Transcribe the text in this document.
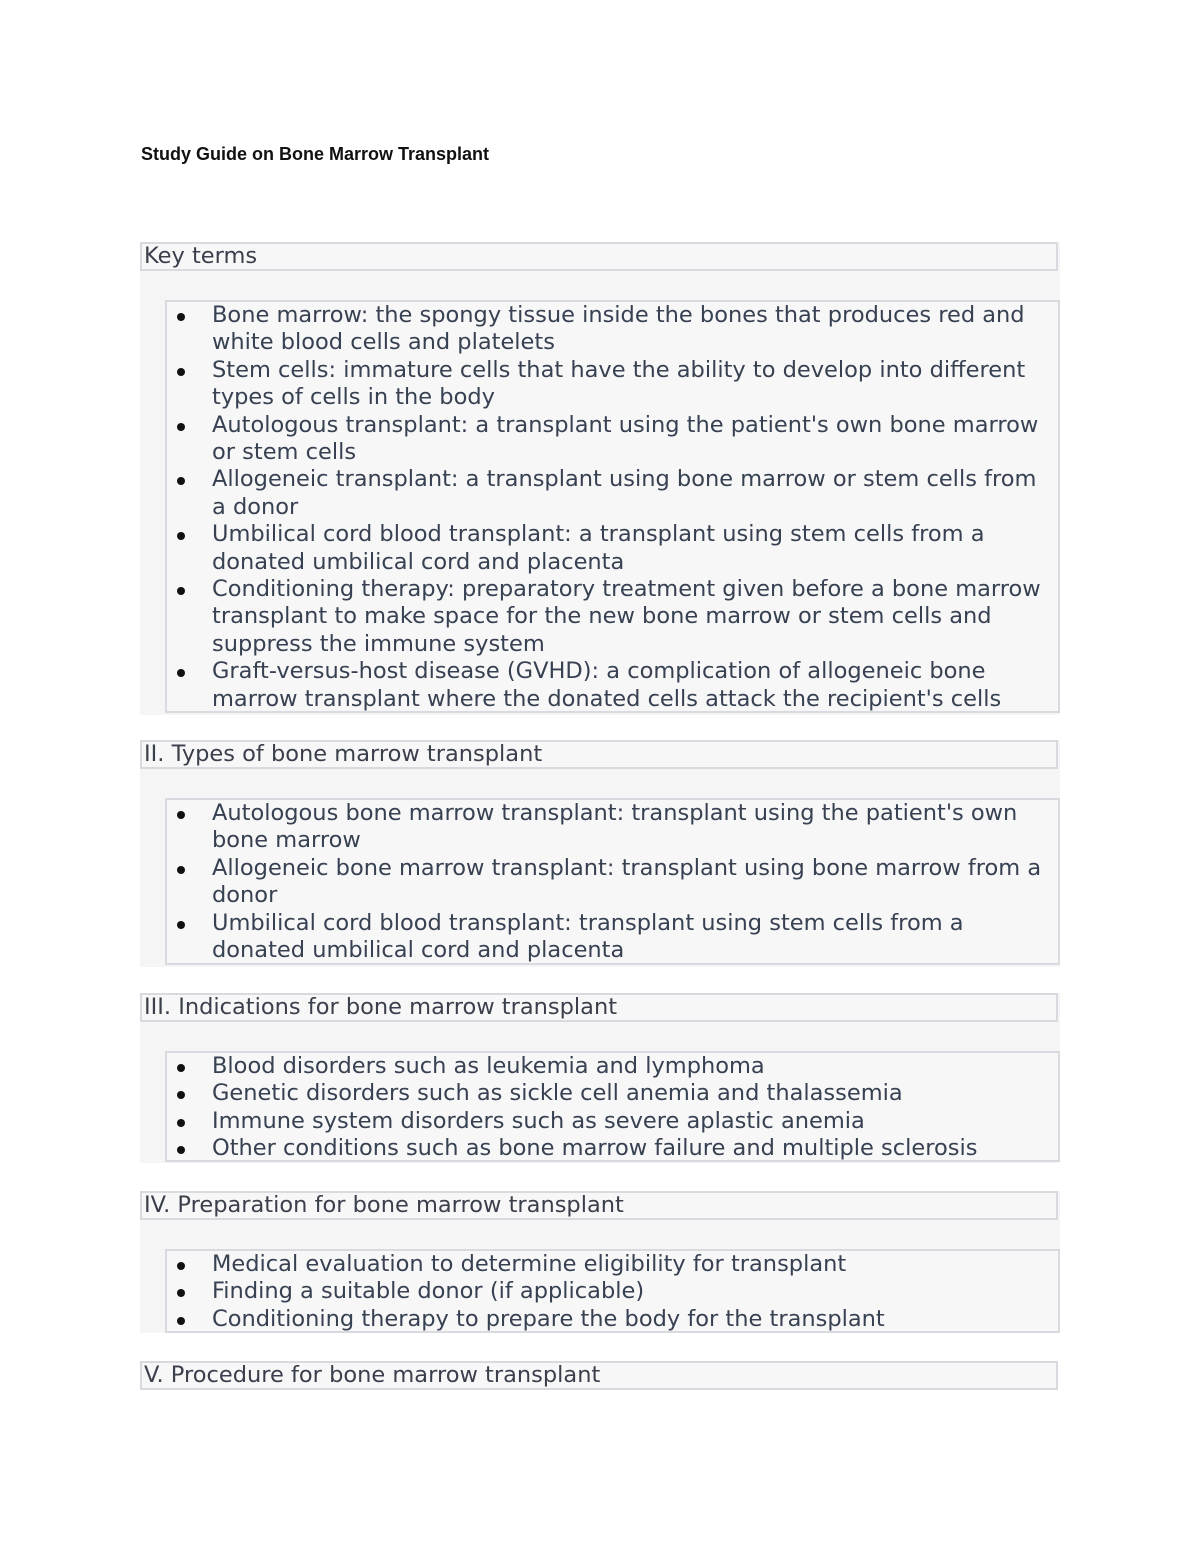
Study Guide on Bone Marrow Transplant
Key terms
Bone marrow: the spongy tissue inside the bones that produces red and white blood cells and platelets
Stem cells: immature cells that have the ability to develop into different types of cells in the body
Autologous transplant: a transplant using the patient's own bone marrow or stem cells
Allogeneic transplant: a transplant using bone marrow or stem cells from a donor
Umbilical cord blood transplant: a transplant using stem cells from a donated umbilical cord and placenta
Conditioning therapy: preparatory treatment given before a bone marrow transplant to make space for the new bone marrow or stem cells and suppress the immune system
Graft-versus-host disease (GVHD): a complication of allogeneic bone marrow transplant where the donated cells attack the recipient's cells
II. Types of bone marrow transplant
Autologous bone marrow transplant: transplant using the patient's own bone marrow
Allogeneic bone marrow transplant: transplant using bone marrow from a donor
Umbilical cord blood transplant: transplant using stem cells from a donated umbilical cord and placenta
III. Indications for bone marrow transplant
Blood disorders such as leukemia and lymphoma
Genetic disorders such as sickle cell anemia and thalassemia
Immune system disorders such as severe aplastic anemia
Other conditions such as bone marrow failure and multiple sclerosis
IV. Preparation for bone marrow transplant
Medical evaluation to determine eligibility for transplant
Finding a suitable donor (if applicable)
Conditioning therapy to prepare the body for the transplant
V. Procedure for bone marrow transplant
